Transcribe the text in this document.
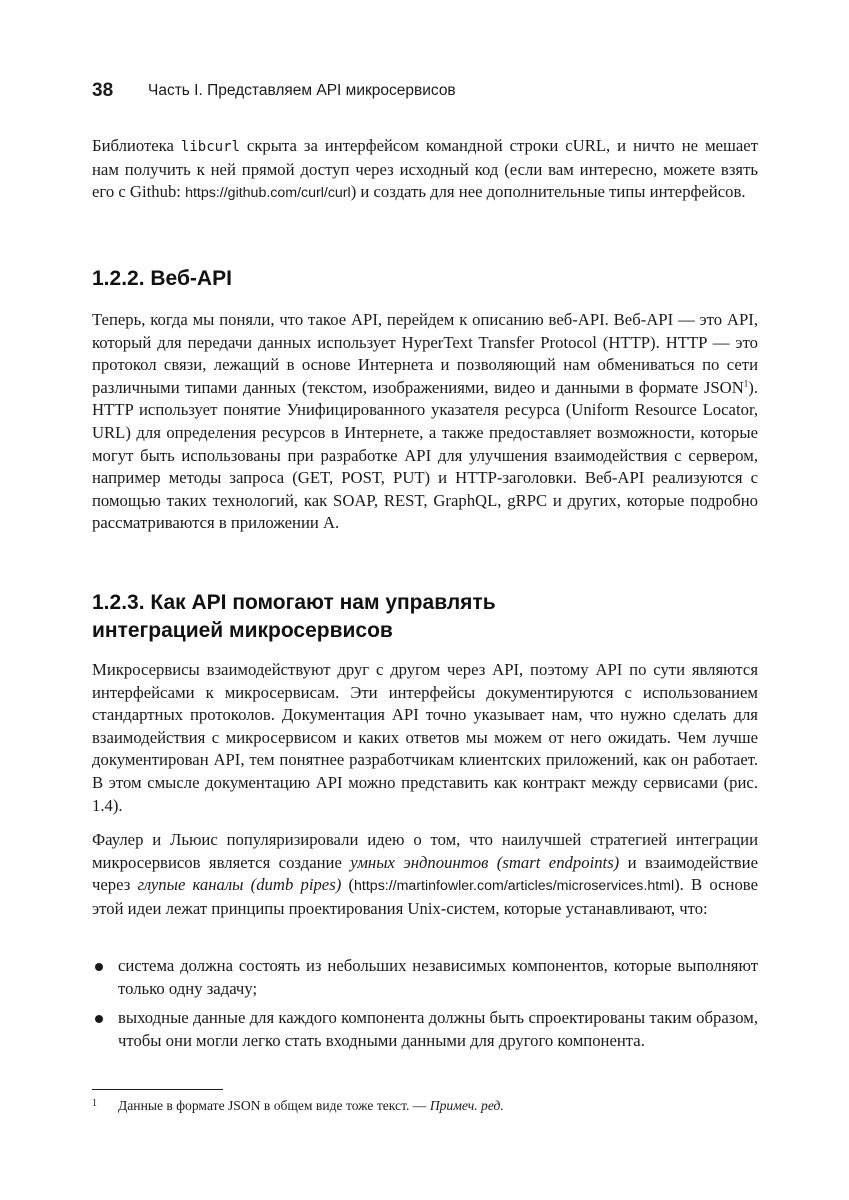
38 Часть I. Представляем API микросервисов

Библиотека libcurl скрыта за интерфейсом командной строки cURL, и ничто не мешает нам получить к ней прямой доступ через исходный код (если вам интересно, можете взять его с Github: https://github.com/curl/curl) и создать для нее дополнительные типы интерфейсов.

1.2.2. Веб-API

Теперь, когда мы поняли, что такое API, перейдем к описанию веб-API. Веб-API — это API, который для передачи данных использует HyperText Transfer Protocol (HTTP). HTTP — это протокол связи, лежащий в основе Интернета и позволяющий нам обмениваться по сети различными типами данных (текстом, изображениями, видео и данными в формате JSON$^1$). HTTP использует понятие Унифицированного указателя ресурса (Uniform Resource Locator, URL) для определения ресурсов в Интернете, а также предоставляет возможности, которые могут быть использованы при разработке API для улучшения взаимодействия с сервером, например методы запроса (GET, POST, PUT) и HTTP-заголовки. Веб-API реализуются с помощью таких технологий, как SOAP, REST, GraphQL, gRPC и других, которые подробно рассматриваются в приложении A.

1.2.3. Как API помогают нам управлять
интеграцией микросервисов

Микросервисы взаимодействуют друг с другом через API, поэтому API по сути являются интерфейсами к микросервисам. Эти интерфейсы документируются с использованием стандартных протоколов. Документация API точно указывает нам, что нужно сделать для взаимодействия с микросервисом и каких ответов мы можем от него ожидать. Чем лучше документирован API, тем понятнее разработчикам клиентских приложений, как он работает. В этом смысле документацию API можно представить как контракт между сервисами (рис. 1.4).

Фаулер и Льюис популяризировали идею о том, что наилучшей стратегией интеграции микросервисов является создание умных эндпоинтов (smart endpoints) и взаимодействие через глупые каналы (dumb pipes) (https://martinfowler.com/articles/microservices.html). В основе этой идеи лежат принципы проектирования Unix-систем, которые устанавливают, что:

система должна состоять из небольших независимых компонентов, которые выполняют только одну задачу;
выходные данные для каждого компонента должны быть спроектированы таким образом, чтобы они могли легко стать входными данными для другого компонента.
1 Данные в формате JSON в общем виде тоже текст. — Примеч. ред.
